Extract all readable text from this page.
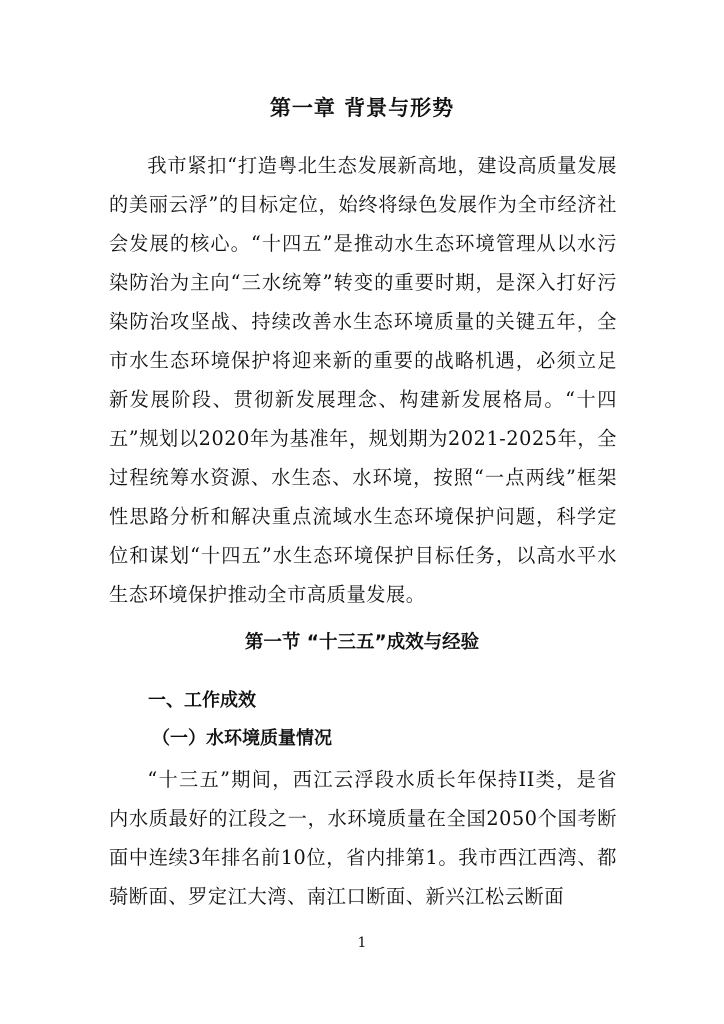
第一章 背景与形势

我市紧扣“打造粤北生态发展新高地，建设高质量发展的美丽云浮”的目标定位，始终将绿色发展作为全市经济社会发展的核心。“十四五”是推动水生态环境管理从以水污染防治为主向“三水统筹”转变的重要时期，是深入打好污染防治攻坚战、持续改善水生态环境质量的关键五年，全市水生态环境保护将迎来新的重要的战略机遇，必须立足新发展阶段、贯彻新发展理念、构建新发展格局。“十四五”规划以2020年为基准年，规划期为2021-2025年，全过程统筹水资源、水生态、水环境，按照“一点两线”框架性思路分析和解决重点流域水生态环境保护问题，科学定位和谋划“十四五”水生态环境保护目标任务，以高水平水生态环境保护推动全市高质量发展。

第一节 “十三五”成效与经验
一、工作成效
（一）水环境质量情况

“十三五”期间，西江云浮段水质长年保持II类，是省内水质最好的江段之一，水环境质量在全国2050个国考断面中连续3年排名前10位，省内排第1。我市西江西湾、都骑断面、罗定江大湾、南江口断面、新兴江松云断面

1
